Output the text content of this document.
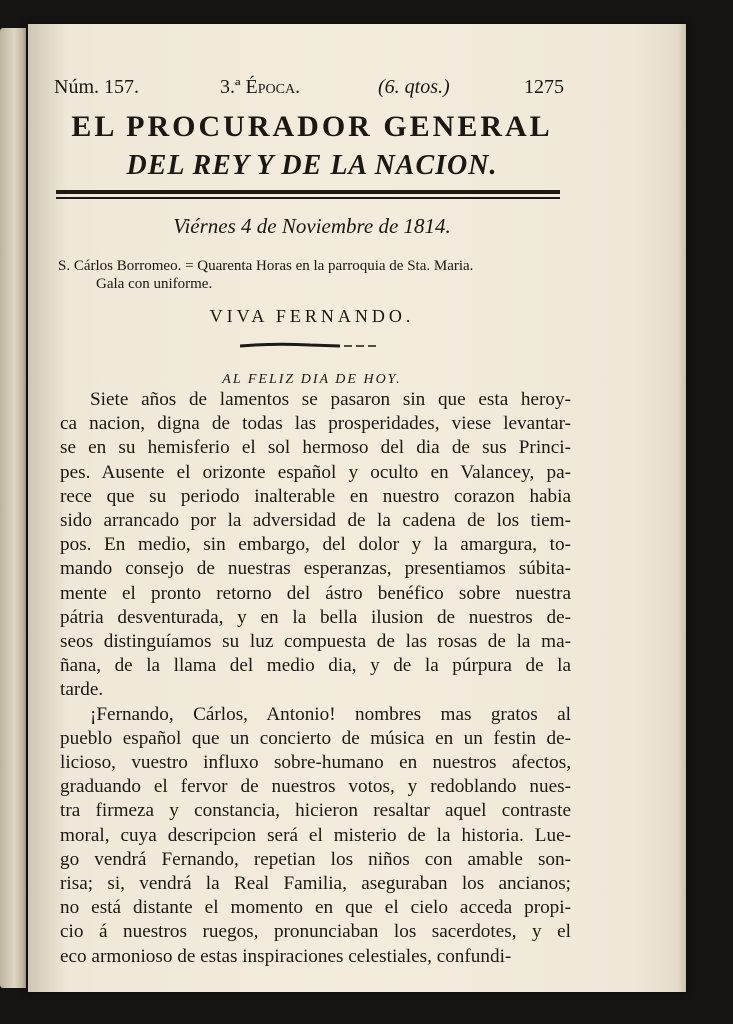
Núm. 157.	3.ª Época.	(6. qtos.)	1275
EL PROCURADOR GENERAL
DEL REY Y DE LA NACION.
Viérnes 4 de Noviembre de 1814.
S. Cárlos Borromeo. = Quarenta Horas en la parroquia de Sta. Maria.
Gala con uniforme.
VIVA FERNANDO.
AL FELIZ DIA DE HOY.
Siete años de lamentos se pasaron sin que esta heroy-
ca nacion, digna de todas las prosperidades, viese levantar-
se en su hemisferio el sol hermoso del dia de sus Princi-
pes. Ausente el orizonte español y oculto en Valancey, pa-
rece que su periodo inalterable en nuestro corazon habia
sido arrancado por la adversidad de la cadena de los tiem-
pos. En medio, sin embargo, del dolor y la amargura, to-
mando consejo de nuestras esperanzas, presentiamos súbita-
mente el pronto retorno del ástro benéfico sobre nuestra
pátria desventurada, y en la bella ilusion de nuestros de-
seos distinguíamos su luz compuesta de las rosas de la ma-
ñana, de la llama del medio dia, y de la púrpura de la
tarde.
¡Fernando, Cárlos, Antonio! nombres mas gratos al
pueblo español que un concierto de música en un festin de-
licioso, vuestro influxo sobre-humano en nuestros afectos,
graduando el fervor de nuestros votos, y redoblando nues-
tra firmeza y constancia, hicieron resaltar aquel contraste
moral, cuya descripcion será el misterio de la historia. Lue-
go vendrá Fernando, repetian los niños con amable son-
risa; si, vendrá la Real Familia, aseguraban los ancianos;
no está distante el momento en que el cielo acceda propi-
cio á nuestros ruegos, pronunciaban los sacerdotes, y el
eco armonioso de estas inspiraciones celestiales, confundi-
